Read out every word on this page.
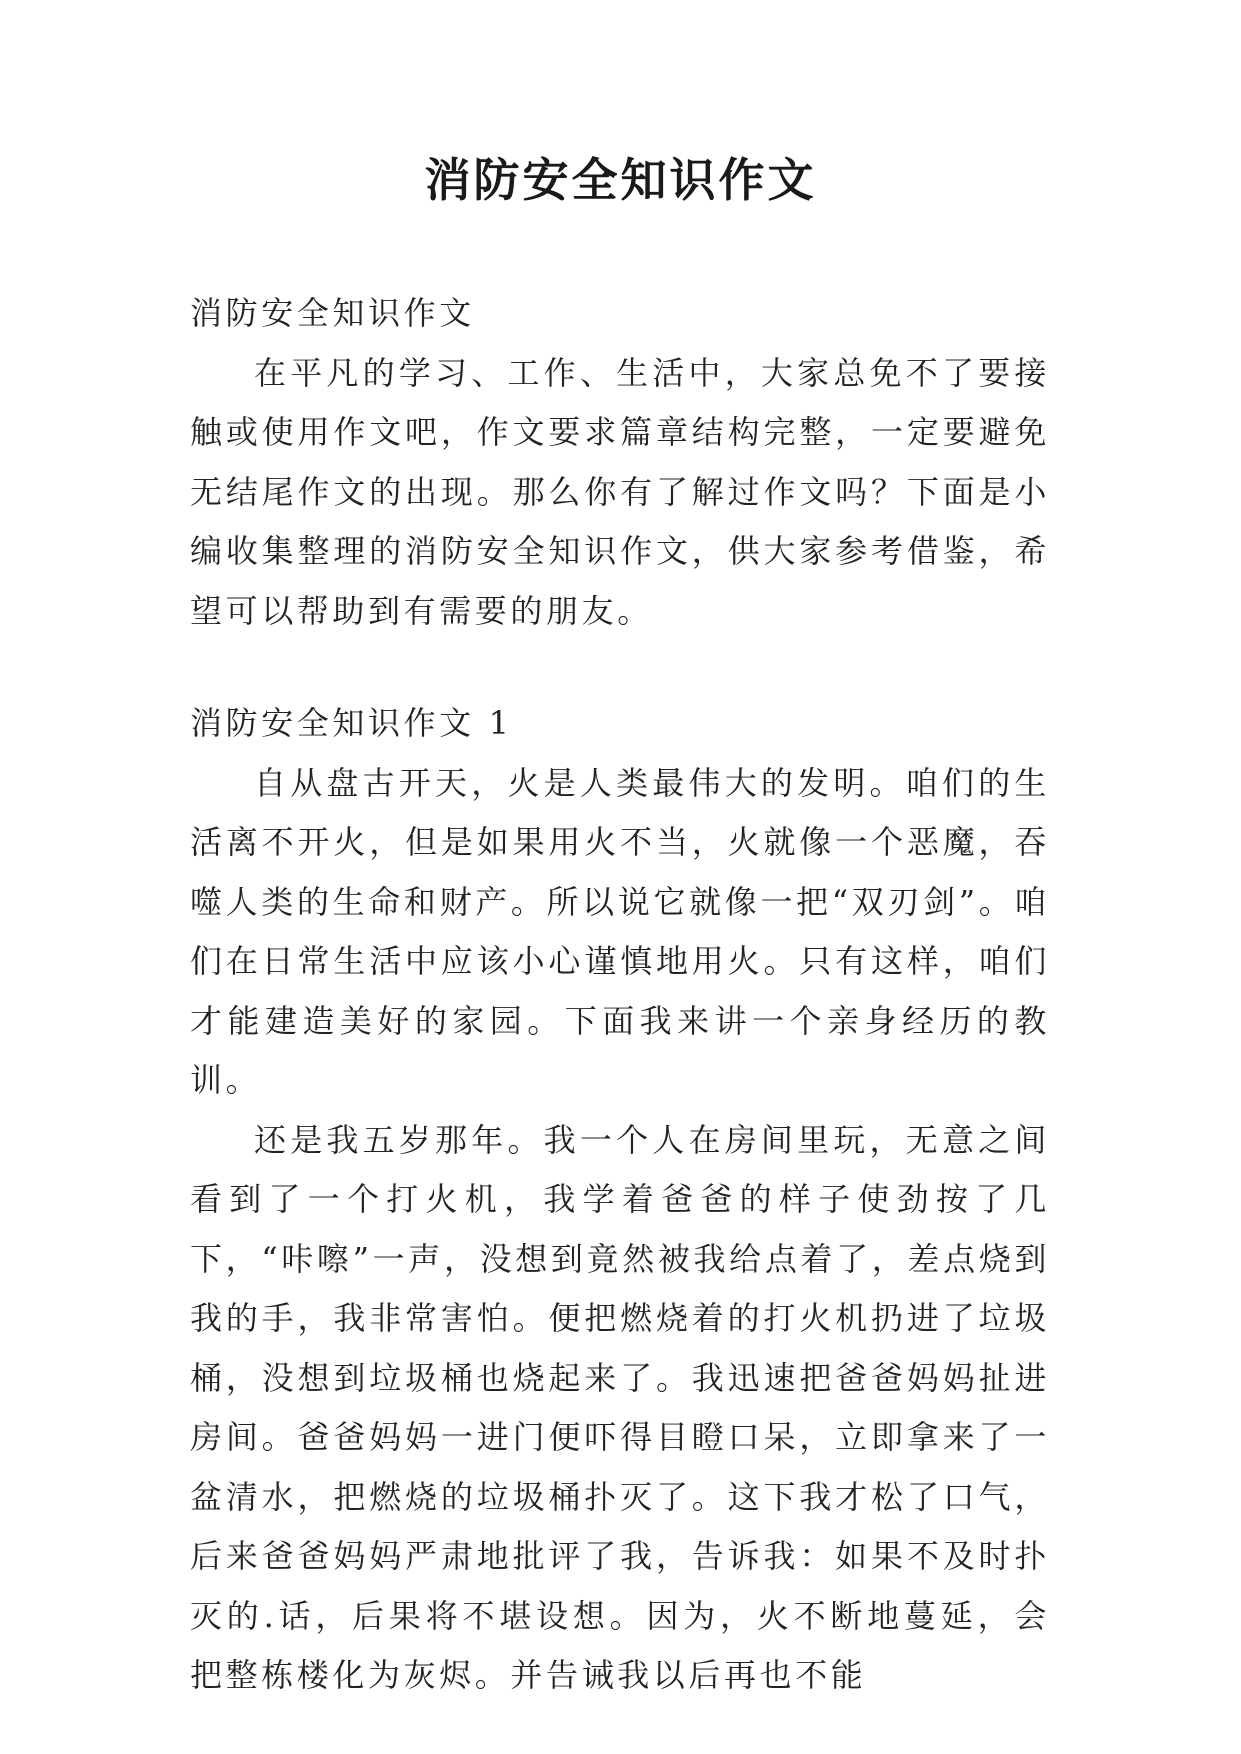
消防安全知识作文

消防安全知识作文

在平凡的学习、工作、生活中，大家总免不了要接触或使用作文吧，作文要求篇章结构完整，一定要避免无结尾作文的出现。那么你有了解过作文吗？下面是小编收集整理的消防安全知识作文，供大家参考借鉴，希望可以帮助到有需要的朋友。

消防安全知识作文 1

自从盘古开天，火是人类最伟大的发明。咱们的生活离不开火，但是如果用火不当，火就像一个恶魔，吞噬人类的生命和财产。所以说它就像一把“双刃剑”。咱们在日常生活中应该小心谨慎地用火。只有这样，咱们才能建造美好的家园。下面我来讲一个亲身经历的教训。

还是我五岁那年。我一个人在房间里玩，无意之间看到了一个打火机，我学着爸爸的样子使劲按了几下，“咔嚓”一声，没想到竟然被我给点着了，差点烧到我的手，我非常害怕。便把燃烧着的打火机扔进了垃圾桶，没想到垃圾桶也烧起来了。我迅速把爸爸妈妈扯进房间。爸爸妈妈一进门便吓得目瞪口呆，立即拿来了一盆清水，把燃烧的垃圾桶扑灭了。这下我才松了口气，后来爸爸妈妈严肃地批评了我，告诉我：如果不及时扑灭的.话，后果将不堪设想。因为，火不断地蔓延，会把整栋楼化为灰烬。并告诫我以后再也不能
